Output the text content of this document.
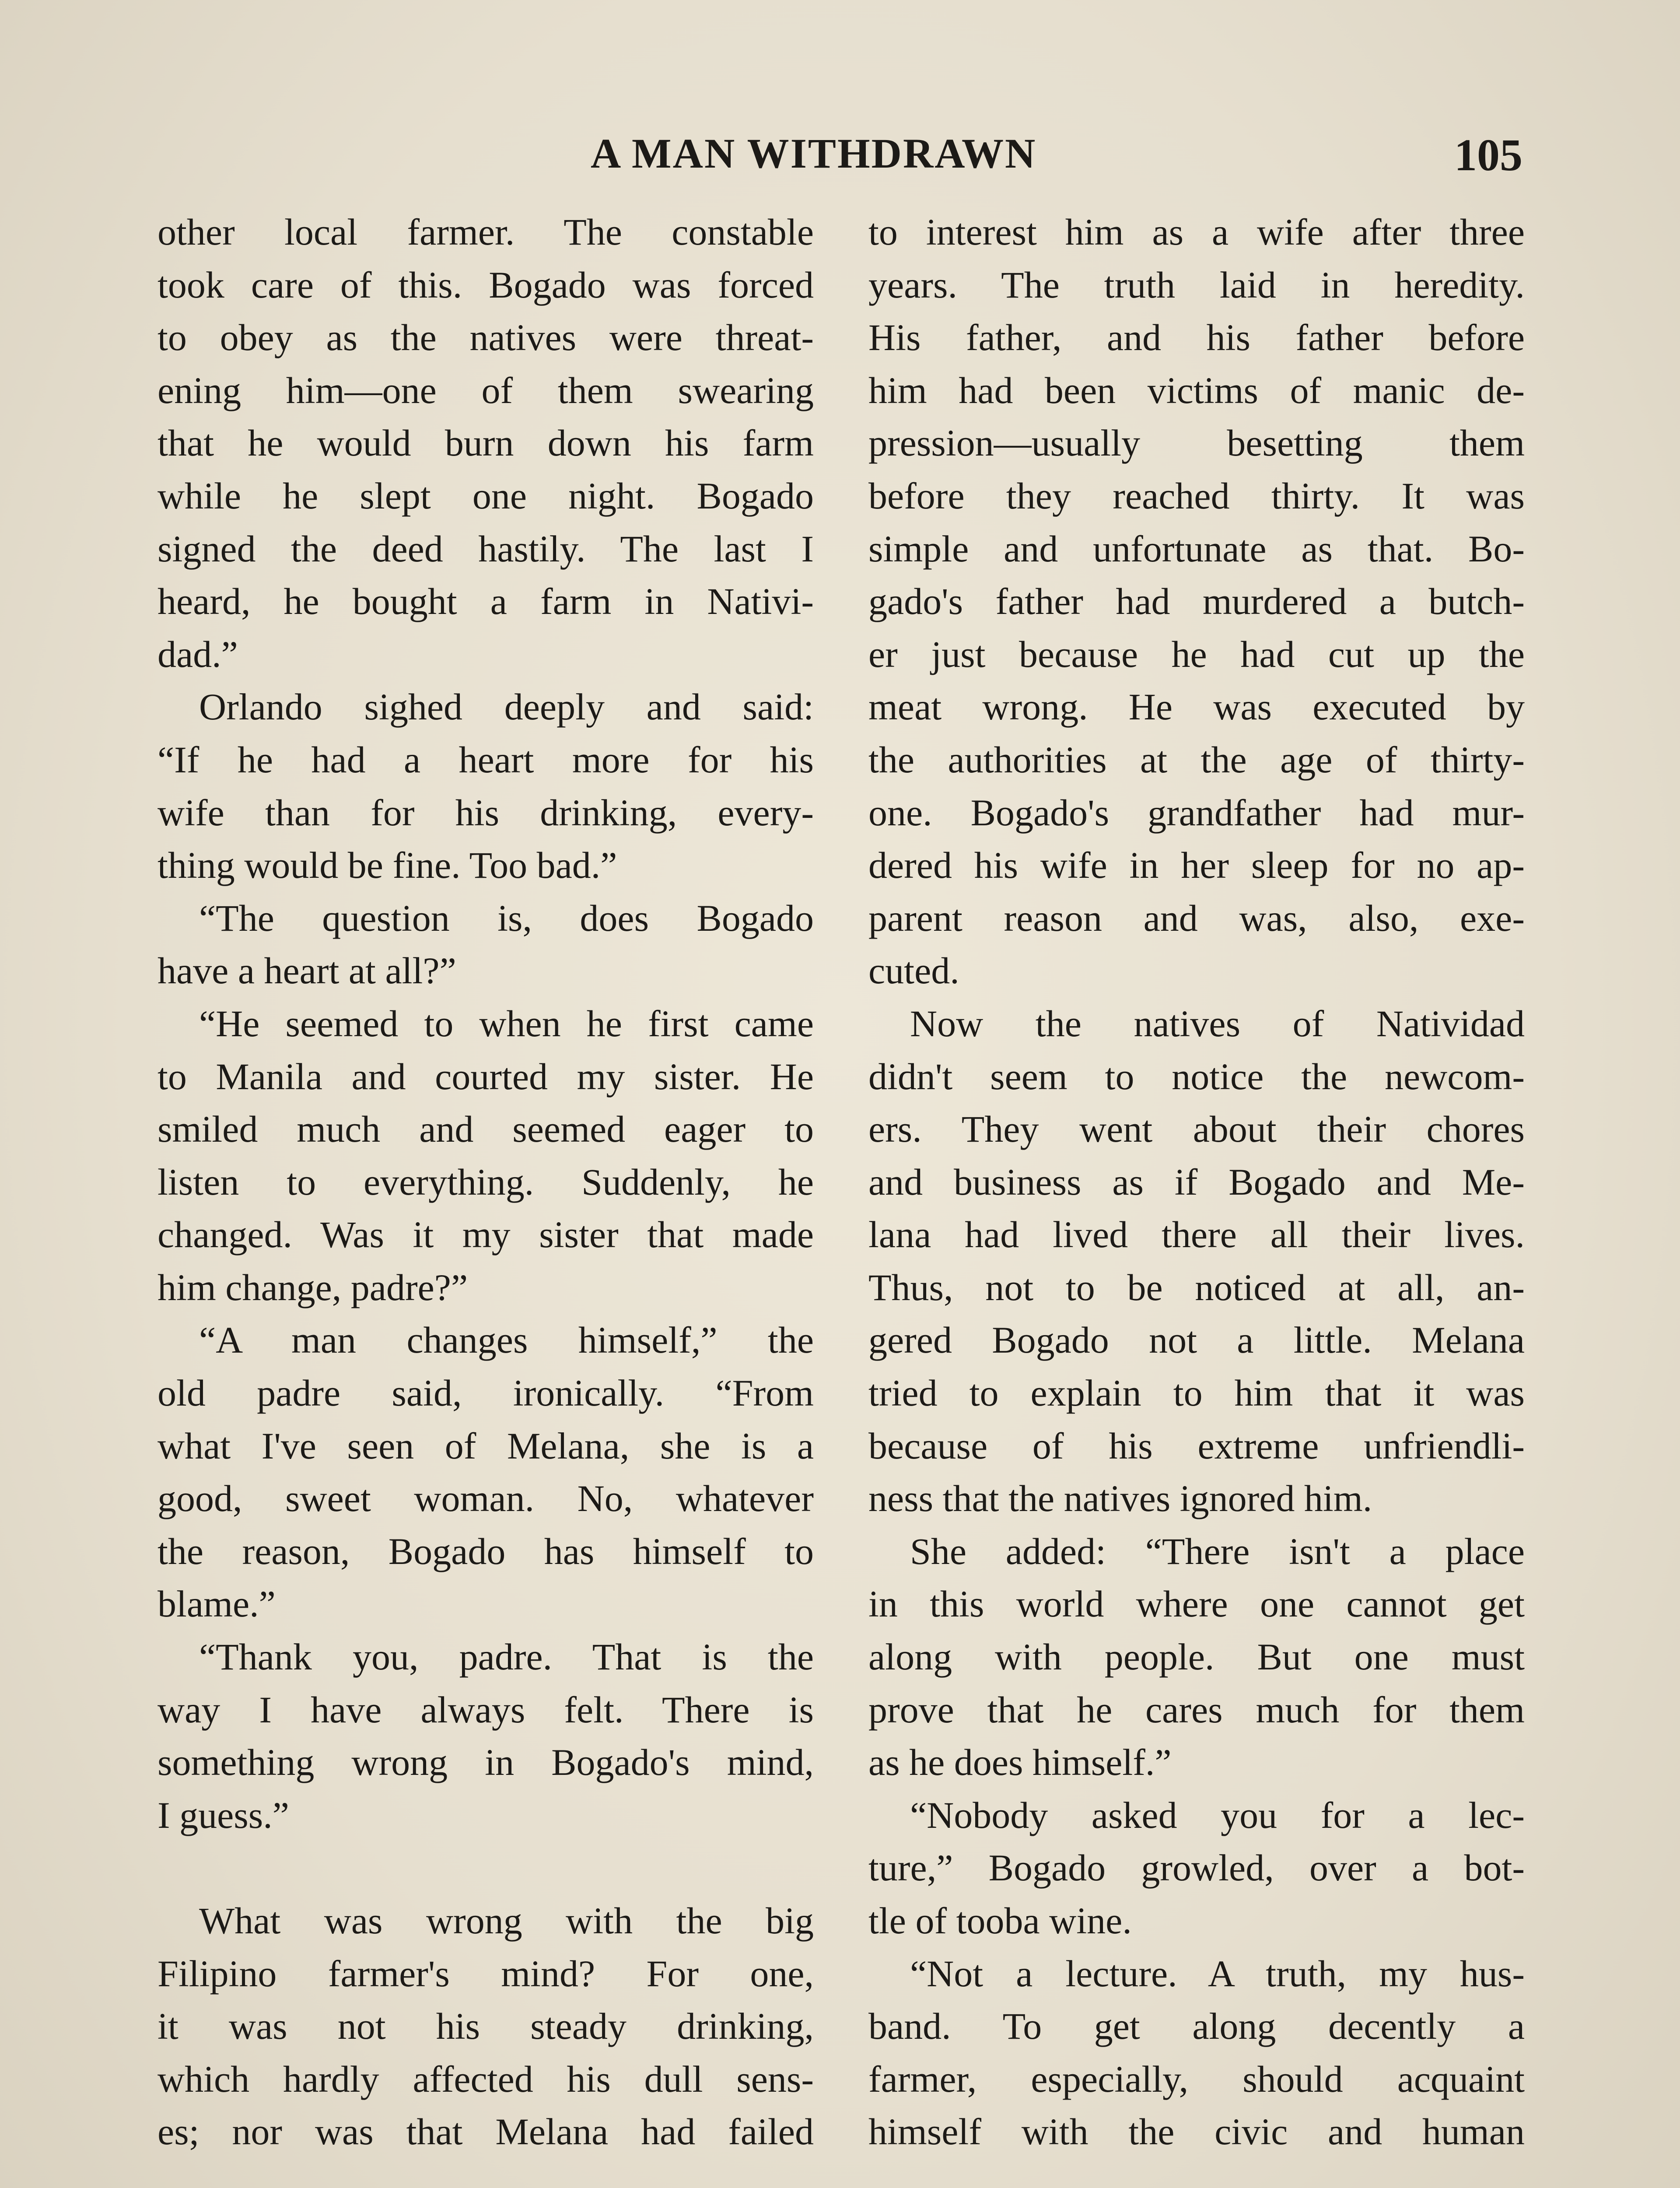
A MAN WITHDRAWN	105
other local farmer. The constable
took care of this. Bogado was forced
to obey as the natives were threat-
ening him—one of them swearing
that he would burn down his farm
while he slept one night. Bogado
signed the deed hastily. The last I
heard, he bought a farm in Nativi-
dad.”
Orlando sighed deeply and said:
“If he had a heart more for his
wife than for his drinking, every-
thing would be fine. Too bad.”
“The question is, does Bogado
have a heart at all?”
“He seemed to when he first came
to Manila and courted my sister. He
smiled much and seemed eager to
listen to everything. Suddenly, he
changed. Was it my sister that made
him change, padre?”
“A man changes himself,” the
old padre said, ironically. “From
what I've seen of Melana, she is a
good, sweet woman. No, whatever
the reason, Bogado has himself to
blame.”
“Thank you, padre. That is the
way I have always felt. There is
something wrong in Bogado's mind,
I guess.”
What was wrong with the big
Filipino farmer's mind? For one,
it was not his steady drinking,
which hardly affected his dull sens-
es; nor was that Melana had failed
to interest him as a wife after three
years. The truth laid in heredity.
His father, and his father before
him had been victims of manic de-
pression—usually besetting them
before they reached thirty. It was
simple and unfortunate as that. Bo-
gado's father had murdered a butch-
er just because he had cut up the
meat wrong. He was executed by
the authorities at the age of thirty-
one. Bogado's grandfather had mur-
dered his wife in her sleep for no ap-
parent reason and was, also, exe-
cuted.
Now the natives of Natividad
didn't seem to notice the newcom-
ers. They went about their chores
and business as if Bogado and Me-
lana had lived there all their lives.
Thus, not to be noticed at all, an-
gered Bogado not a little. Melana
tried to explain to him that it was
because of his extreme unfriendli-
ness that the natives ignored him.
She added: “There isn't a place
in this world where one cannot get
along with people. But one must
prove that he cares much for them
as he does himself.”
“Nobody asked you for a lec-
ture,” Bogado growled, over a bot-
tle of tooba wine.
“Not a lecture. A truth, my hus-
band. To get along decently a
farmer, especially, should acquaint
himself with the civic and human
